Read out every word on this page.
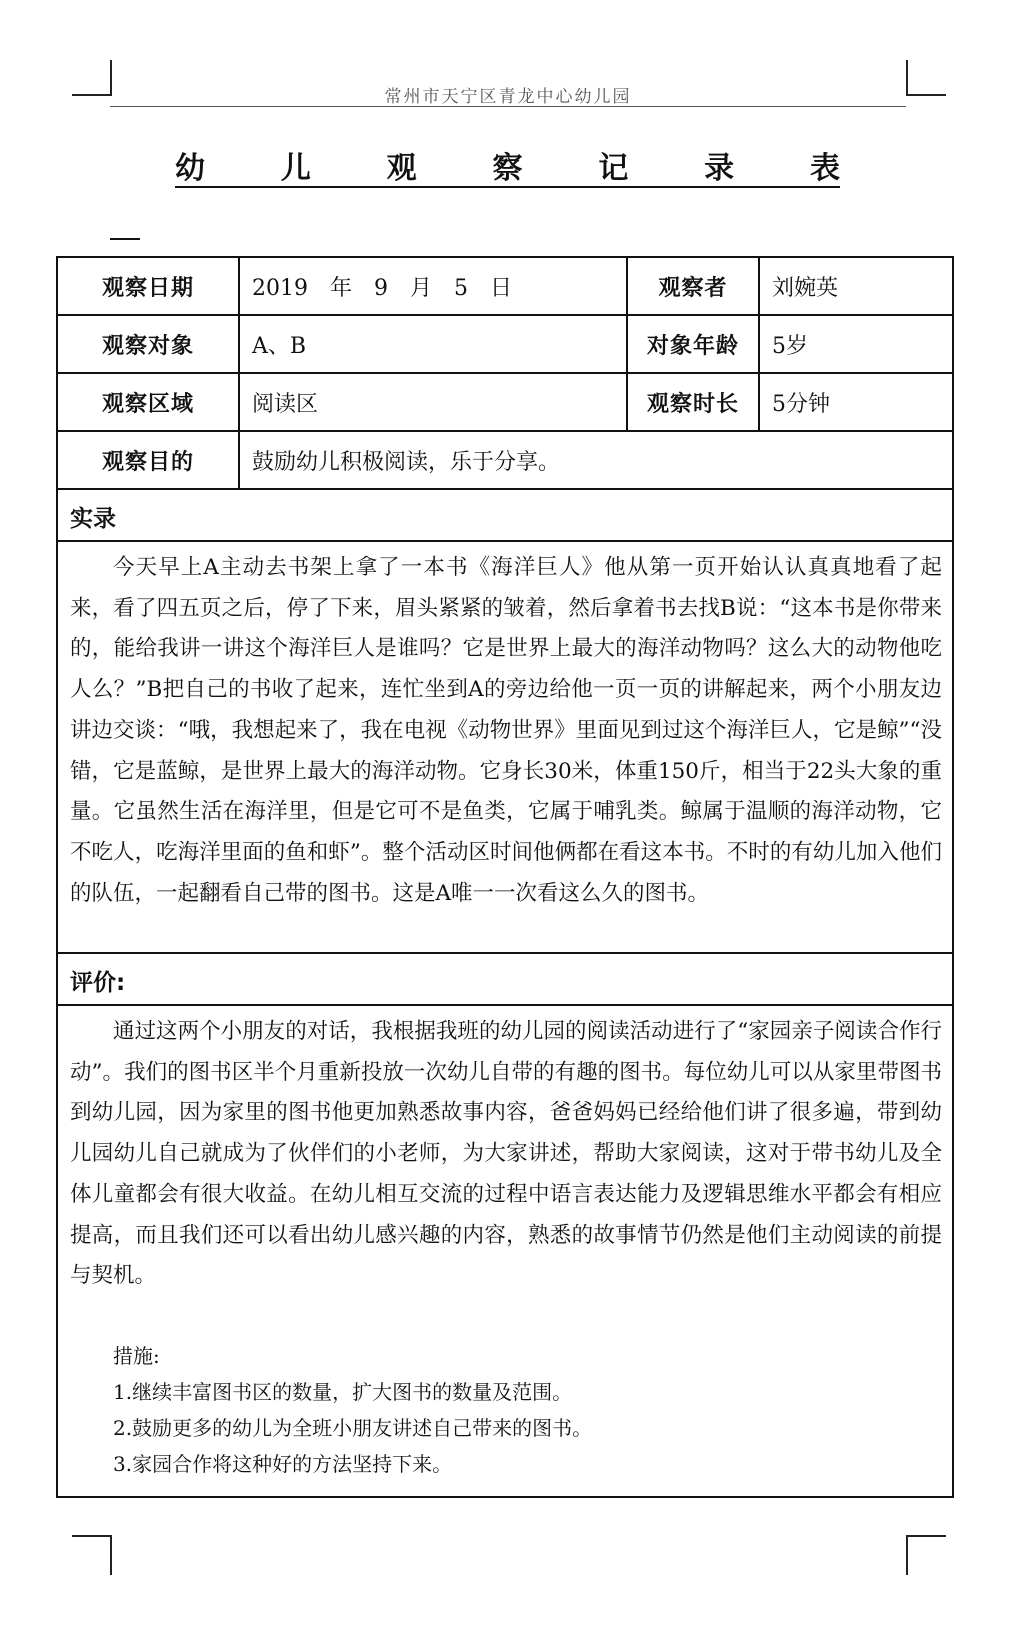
常州市天宁区青龙中心幼儿园
幼	儿	观	察	记	录	表
观察日期	2019　年　9　月　5　日	观察者	刘婉英
观察对象	A、B	对象年龄	5岁
观察区域	阅读区	观察时长	5分钟
观察目的	鼓励幼儿积极阅读，乐于分享。
实录

今天早上A主动去书架上拿了一本书《海洋巨人》他从第一页开始认认真真地看了起来，看了四五页之后，停了下来，眉头紧紧的皱着，然后拿着书去找B说：“这本书是你带来的，能给我讲一讲这个海洋巨人是谁吗？它是世界上最大的海洋动物吗？这么大的动物他吃人么？”B把自己的书收了起来，连忙坐到A的旁边给他一页一页的讲解起来，两个小朋友边讲边交谈：“哦，我想起来了，我在电视《动物世界》里面见到过这个海洋巨人，它是鲸”“没错，它是蓝鲸，是世界上最大的海洋动物。它身长30米，体重150斤，相当于22头大象的重量。它虽然生活在海洋里，但是它可不是鱼类，它属于哺乳类。鲸属于温顺的海洋动物，它不吃人，吃海洋里面的鱼和虾”。整个活动区时间他俩都在看这本书。不时的有幼儿加入他们的队伍，一起翻看自己带的图书。这是A唯一一次看这么久的图书。

评价:

通过这两个小朋友的对话，我根据我班的幼儿园的阅读活动进行了“家园亲子阅读合作行动”。我们的图书区半个月重新投放一次幼儿自带的有趣的图书。每位幼儿可以从家里带图书到幼儿园，因为家里的图书他更加熟悉故事内容，爸爸妈妈已经给他们讲了很多遍，带到幼儿园幼儿自己就成为了伙伴们的小老师，为大家讲述，帮助大家阅读，这对于带书幼儿及全体儿童都会有很大收益。在幼儿相互交流的过程中语言表达能力及逻辑思维水平都会有相应提高，而且我们还可以看出幼儿感兴趣的内容，熟悉的故事情节仍然是他们主动阅读的前提与契机。

措施:
1.继续丰富图书区的数量，扩大图书的数量及范围。
2.鼓励更多的幼儿为全班小朋友讲述自己带来的图书。
3.家园合作将这种好的方法坚持下来。
